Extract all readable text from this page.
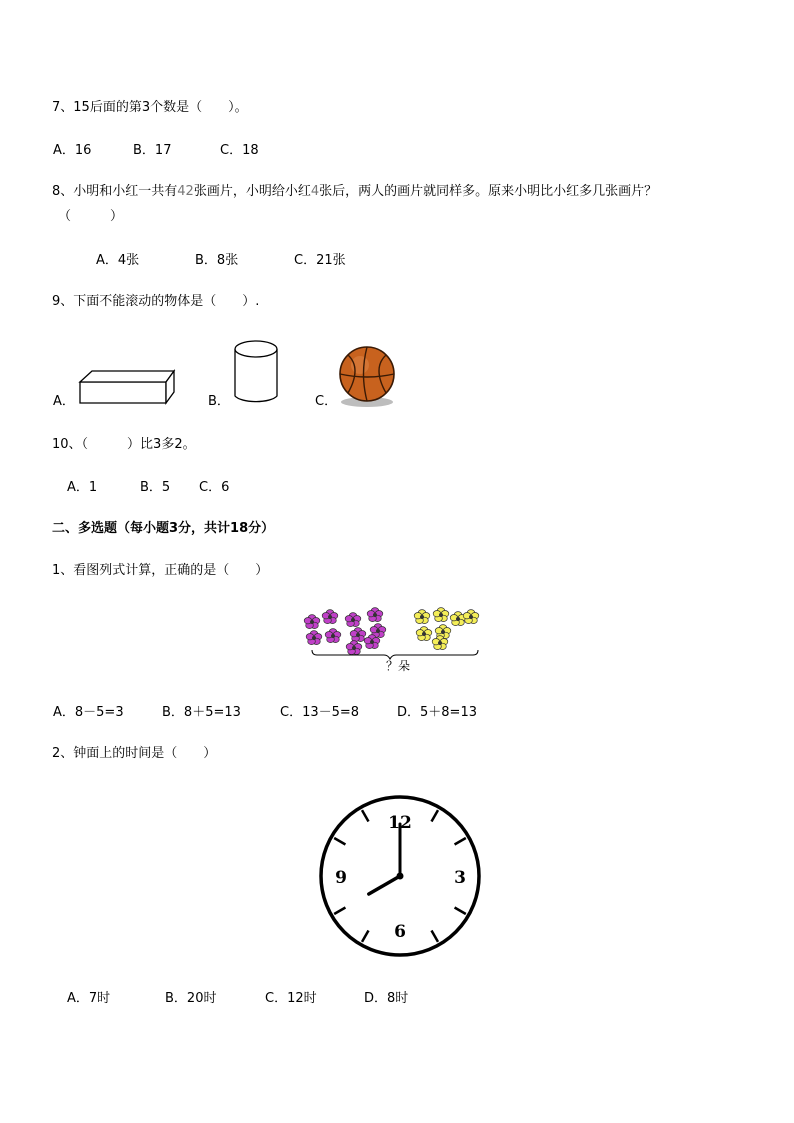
7、15后面的第3个数是（　　）。
A．16	B．17	C．18
8、小明和小红一共有42张画片，小明给小红4张后，两人的画片就同样多。原来小明比小红多几张画片？
（　　　）
A．4张	B．8张	C．21张
9、下面不能滚动的物体是（　　）.
A．	B．	C．
10、（　　　）比3多2。
A．1	B．5 C．6
二、多选题（每小题3分，共计18分）
1、看图列式计算，正确的是（　　）
？朵
A．8－5=3	B．8＋5=13	C．13－5=8	D．5＋8=13
2、钟面上的时间是（　　）
12
3
6
9
A．7时	B．20时	C．12时	D．8时
